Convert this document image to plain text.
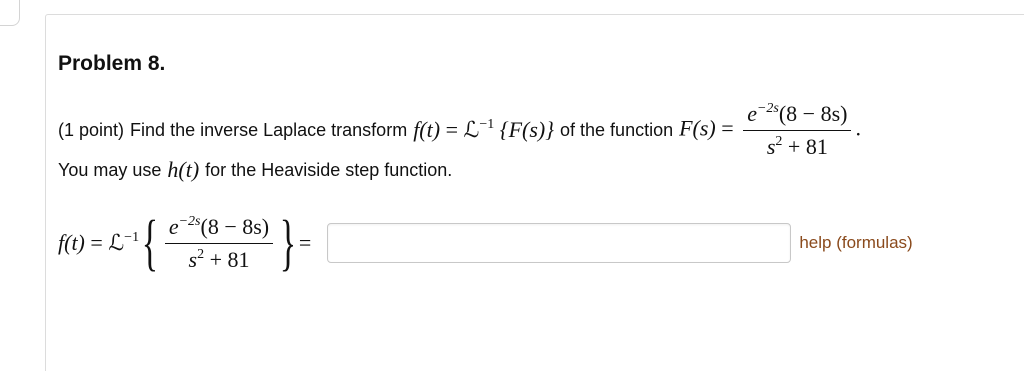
Problem 8.
(1 point) Find the inverse Laplace transform f(t) = ℒ$^{-1}$ {F(s)} of the function $F(s) = \frac{e^{-2s}(8 - 8s)}{s^2 + 81}$ .
You may use h(t) for the Heaviside step function.
f(t) = ℒ$^{-1}$ { $\frac{e^{-2s}(8 - 8s)}{s^2 + 81}$ } =	help (formulas)
